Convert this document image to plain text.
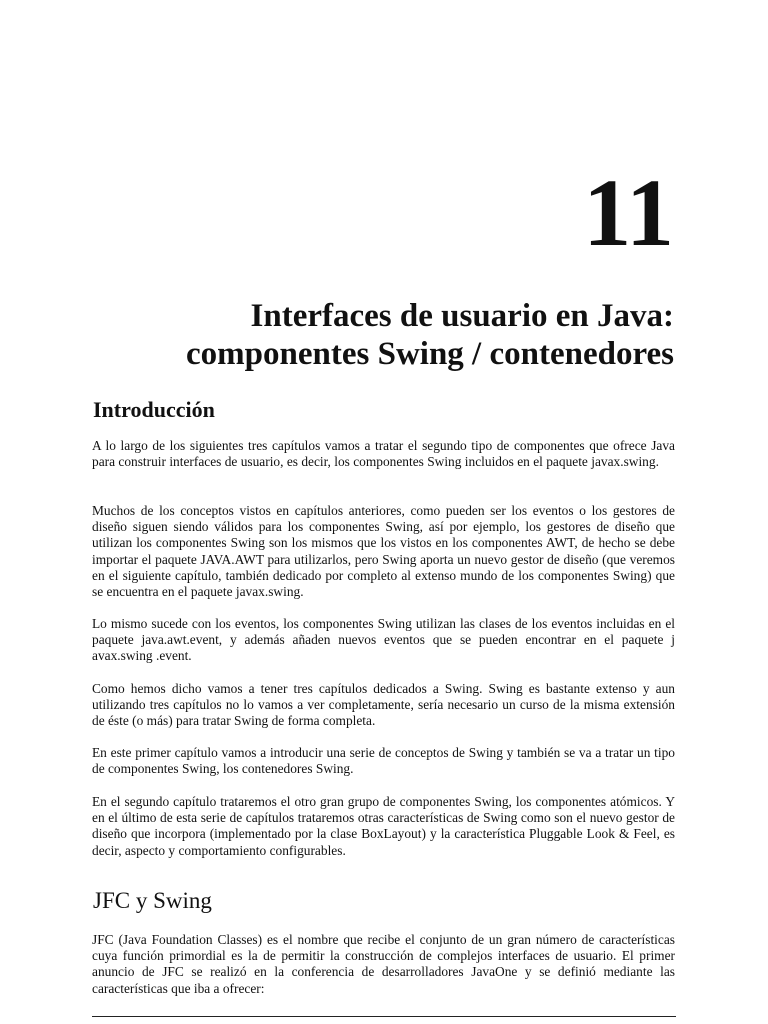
11
Interfaces de usuario en Java:
componentes Swing / contenedores
Introducción

A lo largo de los siguientes tres capítulos vamos a tratar el segundo tipo de componentes que ofrece Java para construir interfaces de usuario, es decir, los componentes Swing incluidos en el paquete javax.swing.

Muchos de los conceptos vistos en capítulos anteriores, como pueden ser los eventos o los gestores de diseño siguen siendo válidos para los componentes Swing, así por ejemplo, los gestores de diseño que utilizan los componentes Swing son los mismos que los vistos en los componentes AWT, de hecho se debe importar el paquete JAVA.AWT para utilizarlos, pero Swing aporta un nuevo gestor de diseño (que veremos en el siguiente capítulo, también dedicado por completo al extenso mundo de los componentes Swing) que se encuentra en el paquete javax.swing.

Lo mismo sucede con los eventos, los componentes Swing utilizan las clases de los eventos incluidas en el paquete java.awt.event, y además añaden nuevos eventos que se pueden encontrar en el paquete j avax.swing .event.

Como hemos dicho vamos a tener tres capítulos dedicados a Swing. Swing es bastante extenso y aun utilizando tres capítulos no lo vamos a ver completamente, sería necesario un curso de la misma extensión de éste (o más) para tratar Swing de forma completa.

En este primer capítulo vamos a introducir una serie de conceptos de Swing y también se va a tratar un tipo de componentes Swing, los contenedores Swing.

En el segundo capítulo trataremos el otro gran grupo de componentes Swing, los componentes atómicos. Y en el último de esta serie de capítulos trataremos otras características de Swing como son el nuevo gestor de diseño que incorpora (implementado por la clase BoxLayout) y la característica Pluggable Look & Feel, es decir, aspecto y comportamiento configurables.

JFC y Swing

JFC (Java Foundation Classes) es el nombre que recibe el conjunto de un gran número de características cuya función primordial es la de permitir la construcción de complejos interfaces de usuario. El primer anuncio de JFC se realizó en la conferencia de desarrolladores JavaOne y se definió mediante las características que iba a ofrecer:
